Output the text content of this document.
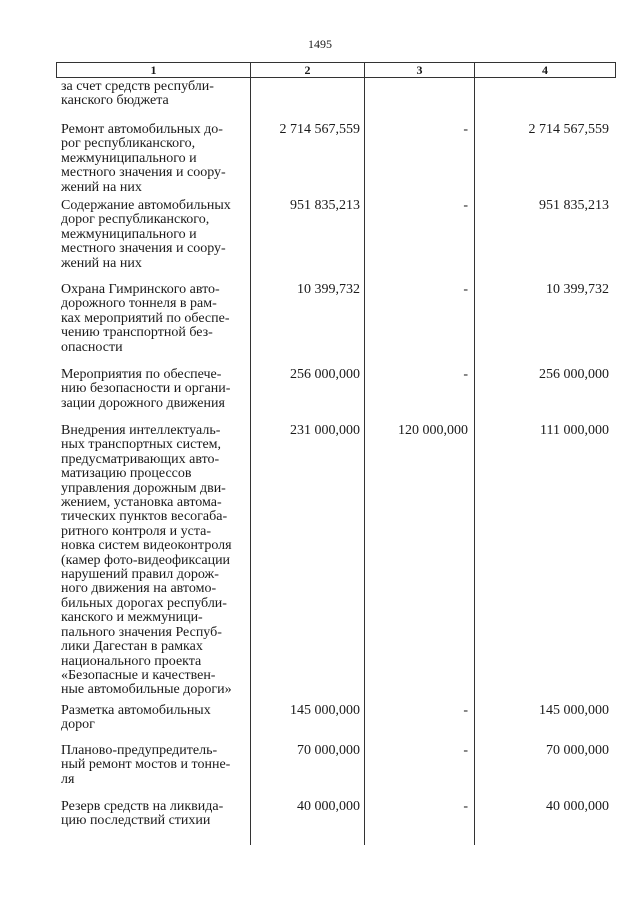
1495
1	2	3	4
за счет средств республи-
канского бюджета
Ремонт автомобильных до-
рог республиканского,
межмуниципального и
местного значения и соору-
жений на них
2 714 567,559	-	2 714 567,559
Содержание автомобильных
дорог республиканского,
межмуниципального и
местного значения и соору-
жений на них
951 835,213	-	951 835,213
Охрана Гимринского авто-
дорожного тоннеля в рам-
ках мероприятий по обеспе-
чению транспортной без-
опасности
10 399,732	-	10 399,732
Мероприятия по обеспече-
нию безопасности и органи-
зации дорожного движения
256 000,000	-	256 000,000
Внедрения интеллектуаль-
ных транспортных систем,
предусматривающих авто-
матизацию процессов
управления дорожным дви-
жением, установка автома-
тических пунктов весогаба-
ритного контроля и уста-
новка систем видеоконтроля
(камер фото-видеофиксации
нарушений правил дорож-
ного движения на автомо-
бильных дорогах республи-
канского и межмуници-
пального значения Респуб-
лики Дагестан в рамках
национального проекта
«Безопасные и качествен-
ные автомобильные дороги»
231 000,000	120 000,000	111 000,000
Разметка автомобильных
дорог
145 000,000	-	145 000,000
Планово-предупредитель-
ный ремонт мостов и тонне-
ля
70 000,000	-	70 000,000
Резерв средств на ликвида-
цию последствий стихии
40 000,000	-	40 000,000
